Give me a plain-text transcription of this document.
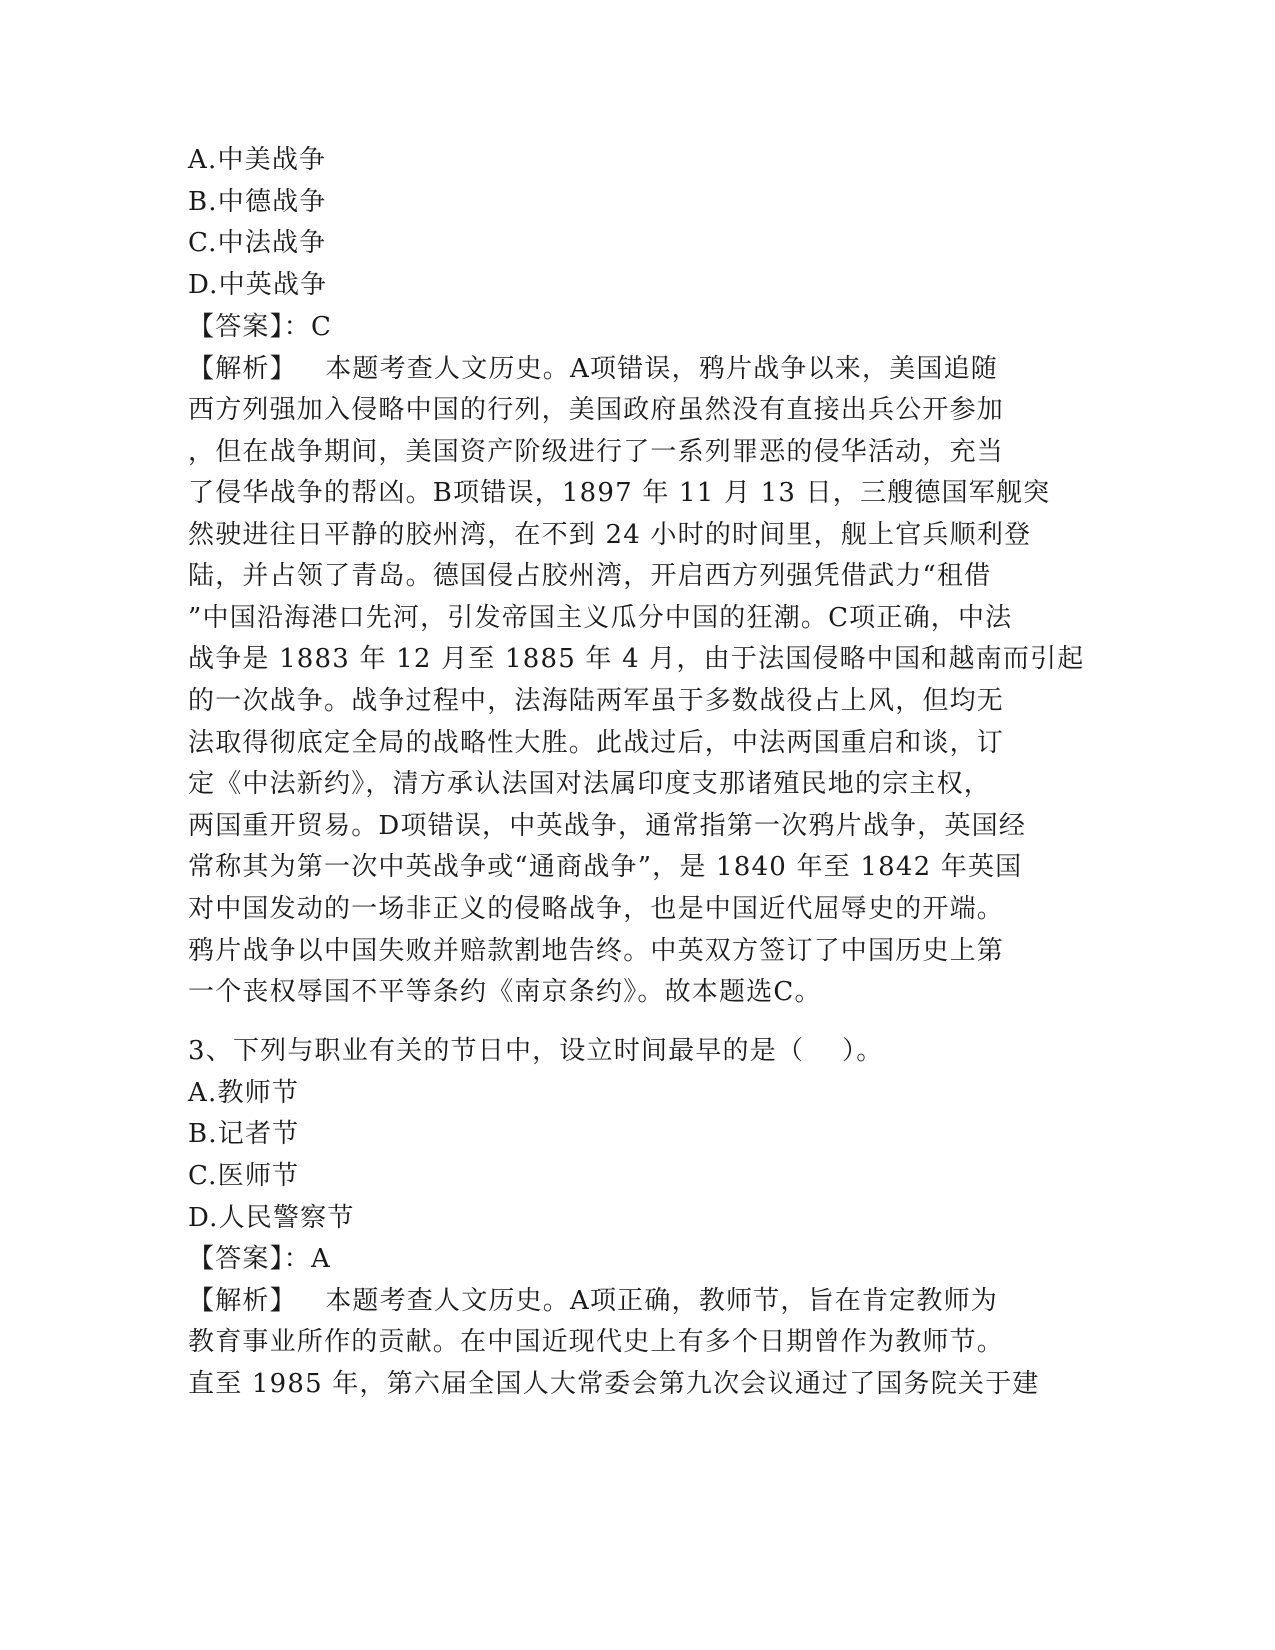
A.中美战争
B.中德战争
C.中法战争
D.中英战争
【答案】：C
【解析】   本题考查人文历史。A项错误，鸦片战争以来，美国追随
西方列强加入侵略中国的行列，美国政府虽然没有直接出兵公开参加
，但在战争期间，美国资产阶级进行了一系列罪恶的侵华活动，充当
了侵华战争的帮凶。B项错误，1897 年 11 月 13 日，三艘德国军舰突
然驶进往日平静的胶州湾，在不到 24 小时的时间里，舰上官兵顺利登
陆，并占领了青岛。德国侵占胶州湾，开启西方列强凭借武力“租借
”中国沿海港口先河，引发帝国主义瓜分中国的狂潮。C项正确，中法
战争是 1883 年 12 月至 1885 年 4 月，由于法国侵略中国和越南而引起
的一次战争。战争过程中，法海陆两军虽于多数战役占上风，但均无
法取得彻底定全局的战略性大胜。此战过后，中法两国重启和谈，订
定《中法新约》，清方承认法国对法属印度支那诸殖民地的宗主权，
两国重开贸易。D项错误，中英战争，通常指第一次鸦片战争，英国经
常称其为第一次中英战争或“通商战争”，是 1840 年至 1842 年英国
对中国发动的一场非正义的侵略战争，也是中国近代屈辱史的开端。
鸦片战争以中国失败并赔款割地告终。中英双方签订了中国历史上第
一个丧权辱国不平等条约《南京条约》。故本题选C。
3、下列与职业有关的节日中，设立时间最早的是（    ）。
A.教师节
B.记者节
C.医师节
D.人民警察节
【答案】：A
【解析】   本题考查人文历史。A项正确，教师节，旨在肯定教师为
教育事业所作的贡献。在中国近现代史上有多个日期曾作为教师节。
直至 1985 年，第六届全国人大常委会第九次会议通过了国务院关于建
